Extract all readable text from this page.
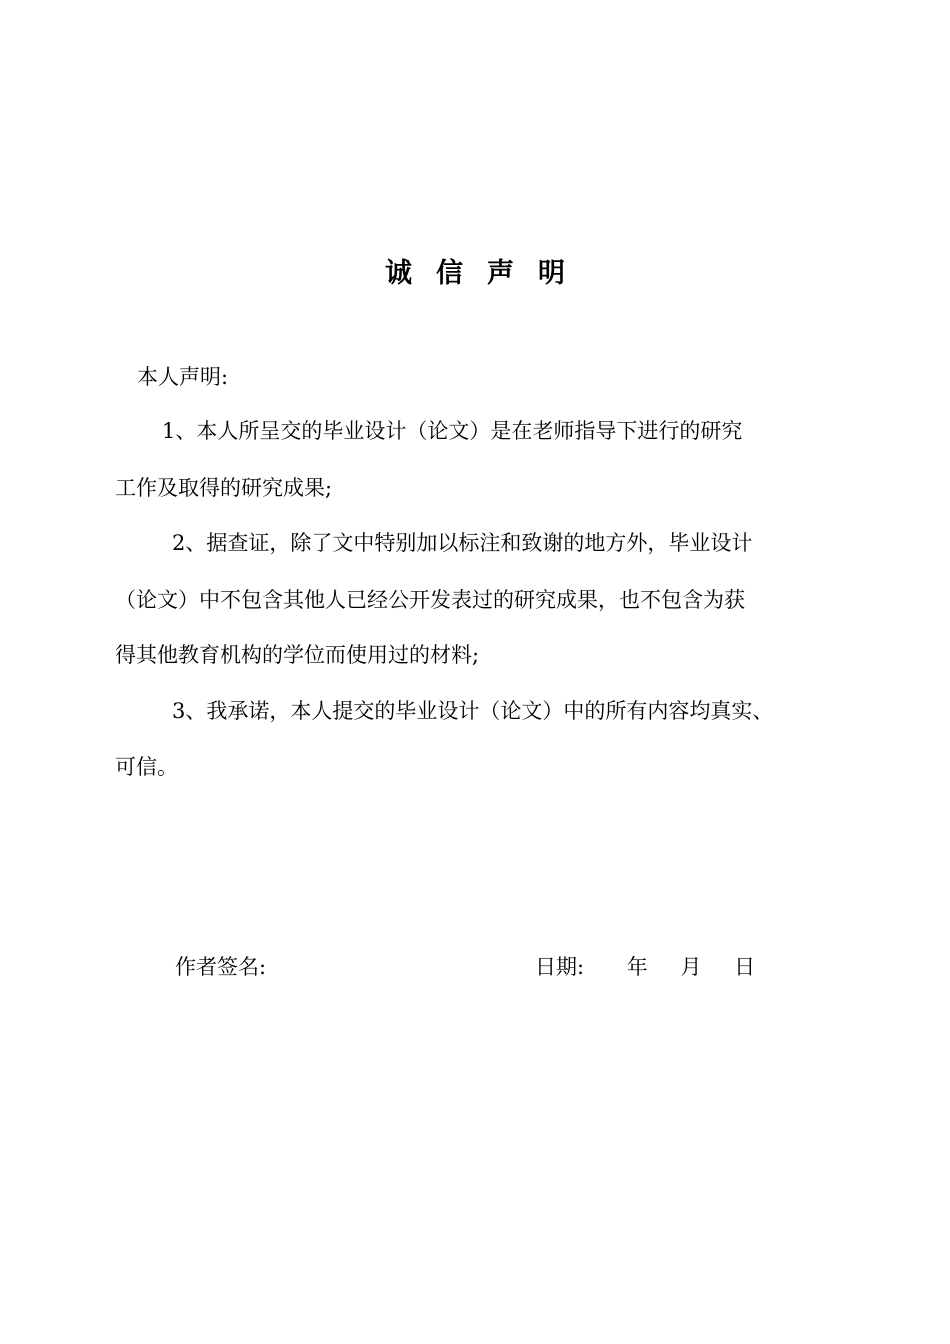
诚信声明
本人声明:
1、本人所呈交的毕业设计（论文）是在老师指导下进行的研究
工作及取得的研究成果;
2、据查证，除了文中特别加以标注和致谢的地方外，毕业设计
（论文）中不包含其他人已经公开发表过的研究成果，也不包含为获
得其他教育机构的学位而使用过的材料;
3、我承诺，本人提交的毕业设计（论文）中的所有内容均真实、
可信。
作者签名:	日期: 年 月 日
